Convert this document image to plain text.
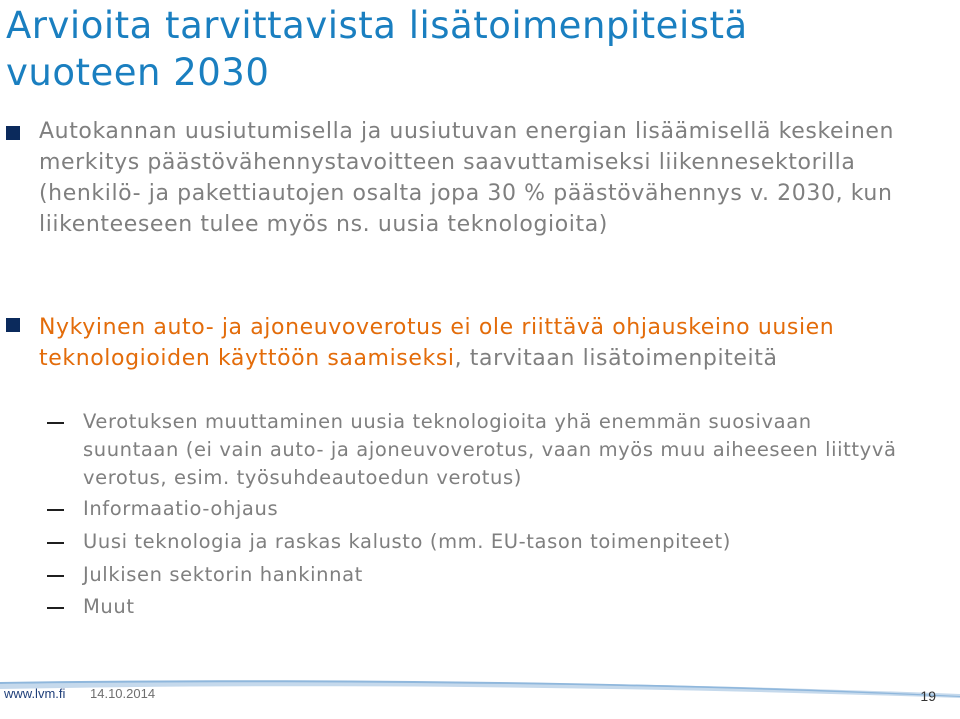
Arvioita tarvittavista lisätoimenpiteistä
vuoteen 2030

Autokannan uusiutumisella ja uusiutuvan energian lisäämisellä keskeinen merkitys päästövähennystavoitteen saavuttamiseksi liikennesektorilla (henkilö- ja pakettiautojen osalta jopa 30 % päästövähennys v. 2030, kun liikenteeseen tulee myös ns. uusia teknologioita)

Nykyinen auto- ja ajoneuvoverotus ei ole riittävä ohjauskeino uusien teknologioiden käyttöön saamiseksi, tarvitaan lisätoimenpiteitä

Verotuksen muuttaminen uusia teknologioita yhä enemmän suosivaan suuntaan (ei vain auto- ja ajoneuvoverotus, vaan myös muu aiheeseen liittyvä verotus, esim. työsuhdeautoedun verotus)

Informaatio-ohjaus

Uusi teknologia ja raskas kalusto (mm. EU-tason toimenpiteet)

Julkisen sektorin hankinnat

Muut

www.lvm.fi 14.10.2014	19
